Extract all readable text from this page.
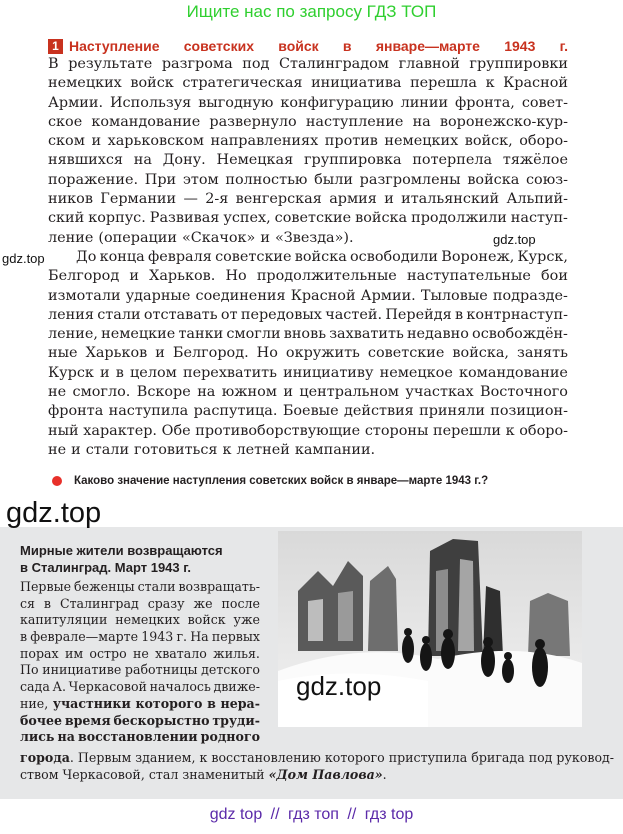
Ищите нас по запросу ГДЗ ТОП
1 Наступление советских войск в январе—марте 1943 г.
В результате разгрома под Сталинградом главной группировки
немецких войск стратегическая инициатива перешла к Красной
Армии. Используя выгодную конфигурацию линии фронта, совет-
ское командование развернуло наступление на воронежско-кур-
ском и харьковском направлениях против немецких войск, оборо-
нявшихся на Дону. Немецкая группировка потерпела тяжёлое
поражение. При этом полностью были разгромлены войска союз-
ников Германии — 2-я венгерская армия и итальянский Альпий-
ский корпус. Развивая успех, советские войска продолжили наступ-
ление (операции «Скачок» и «Звезда»).
До конца февраля советские войска освободили Воронеж, Курск,
Белгород и Харьков. Но продолжительные наступательные бои
измотали ударные соединения Красной Армии. Тыловые подразде-
ления стали отставать от передовых частей. Перейдя в контрнаступ-
ление, немецкие танки смогли вновь захватить недавно освобождён-
ные Харьков и Белгород. Но окружить советские войска, занять
Курск и в целом перехватить инициативу немецкое командование
не смогло. Вскоре на южном и центральном участках Восточного
фронта наступила распутица. Боевые действия приняли позицион-
ный характер. Обе противоборствующие стороны перешли к оборо-
не и стали готовиться к летней кампании.
gdz.top
gdz.top
Каково значение наступления советских войск в январе—марте 1943 г.?
gdz.top
Мирные жители возвращаются
в Сталинград. Март 1943 г.
Первые беженцы стали возвращать-
ся в Сталинград сразу же после
капитуляции немецких войск уже
в феврале—марте 1943 г. На первых
порах им остро не хватало жилья.
По инициативе работницы детского
сада А. Черкасовой началось движе-
ние, участники которого в нера-
бочее время бескорыстно труди-
лись на восстановлении родного
города. Первым зданием, к восстановлению которого приступила бригада под руковод-
ством Черкасовой, стал знаменитый «Дом Павлова».
gdz.top
gdz top // гдз топ // гдз top
